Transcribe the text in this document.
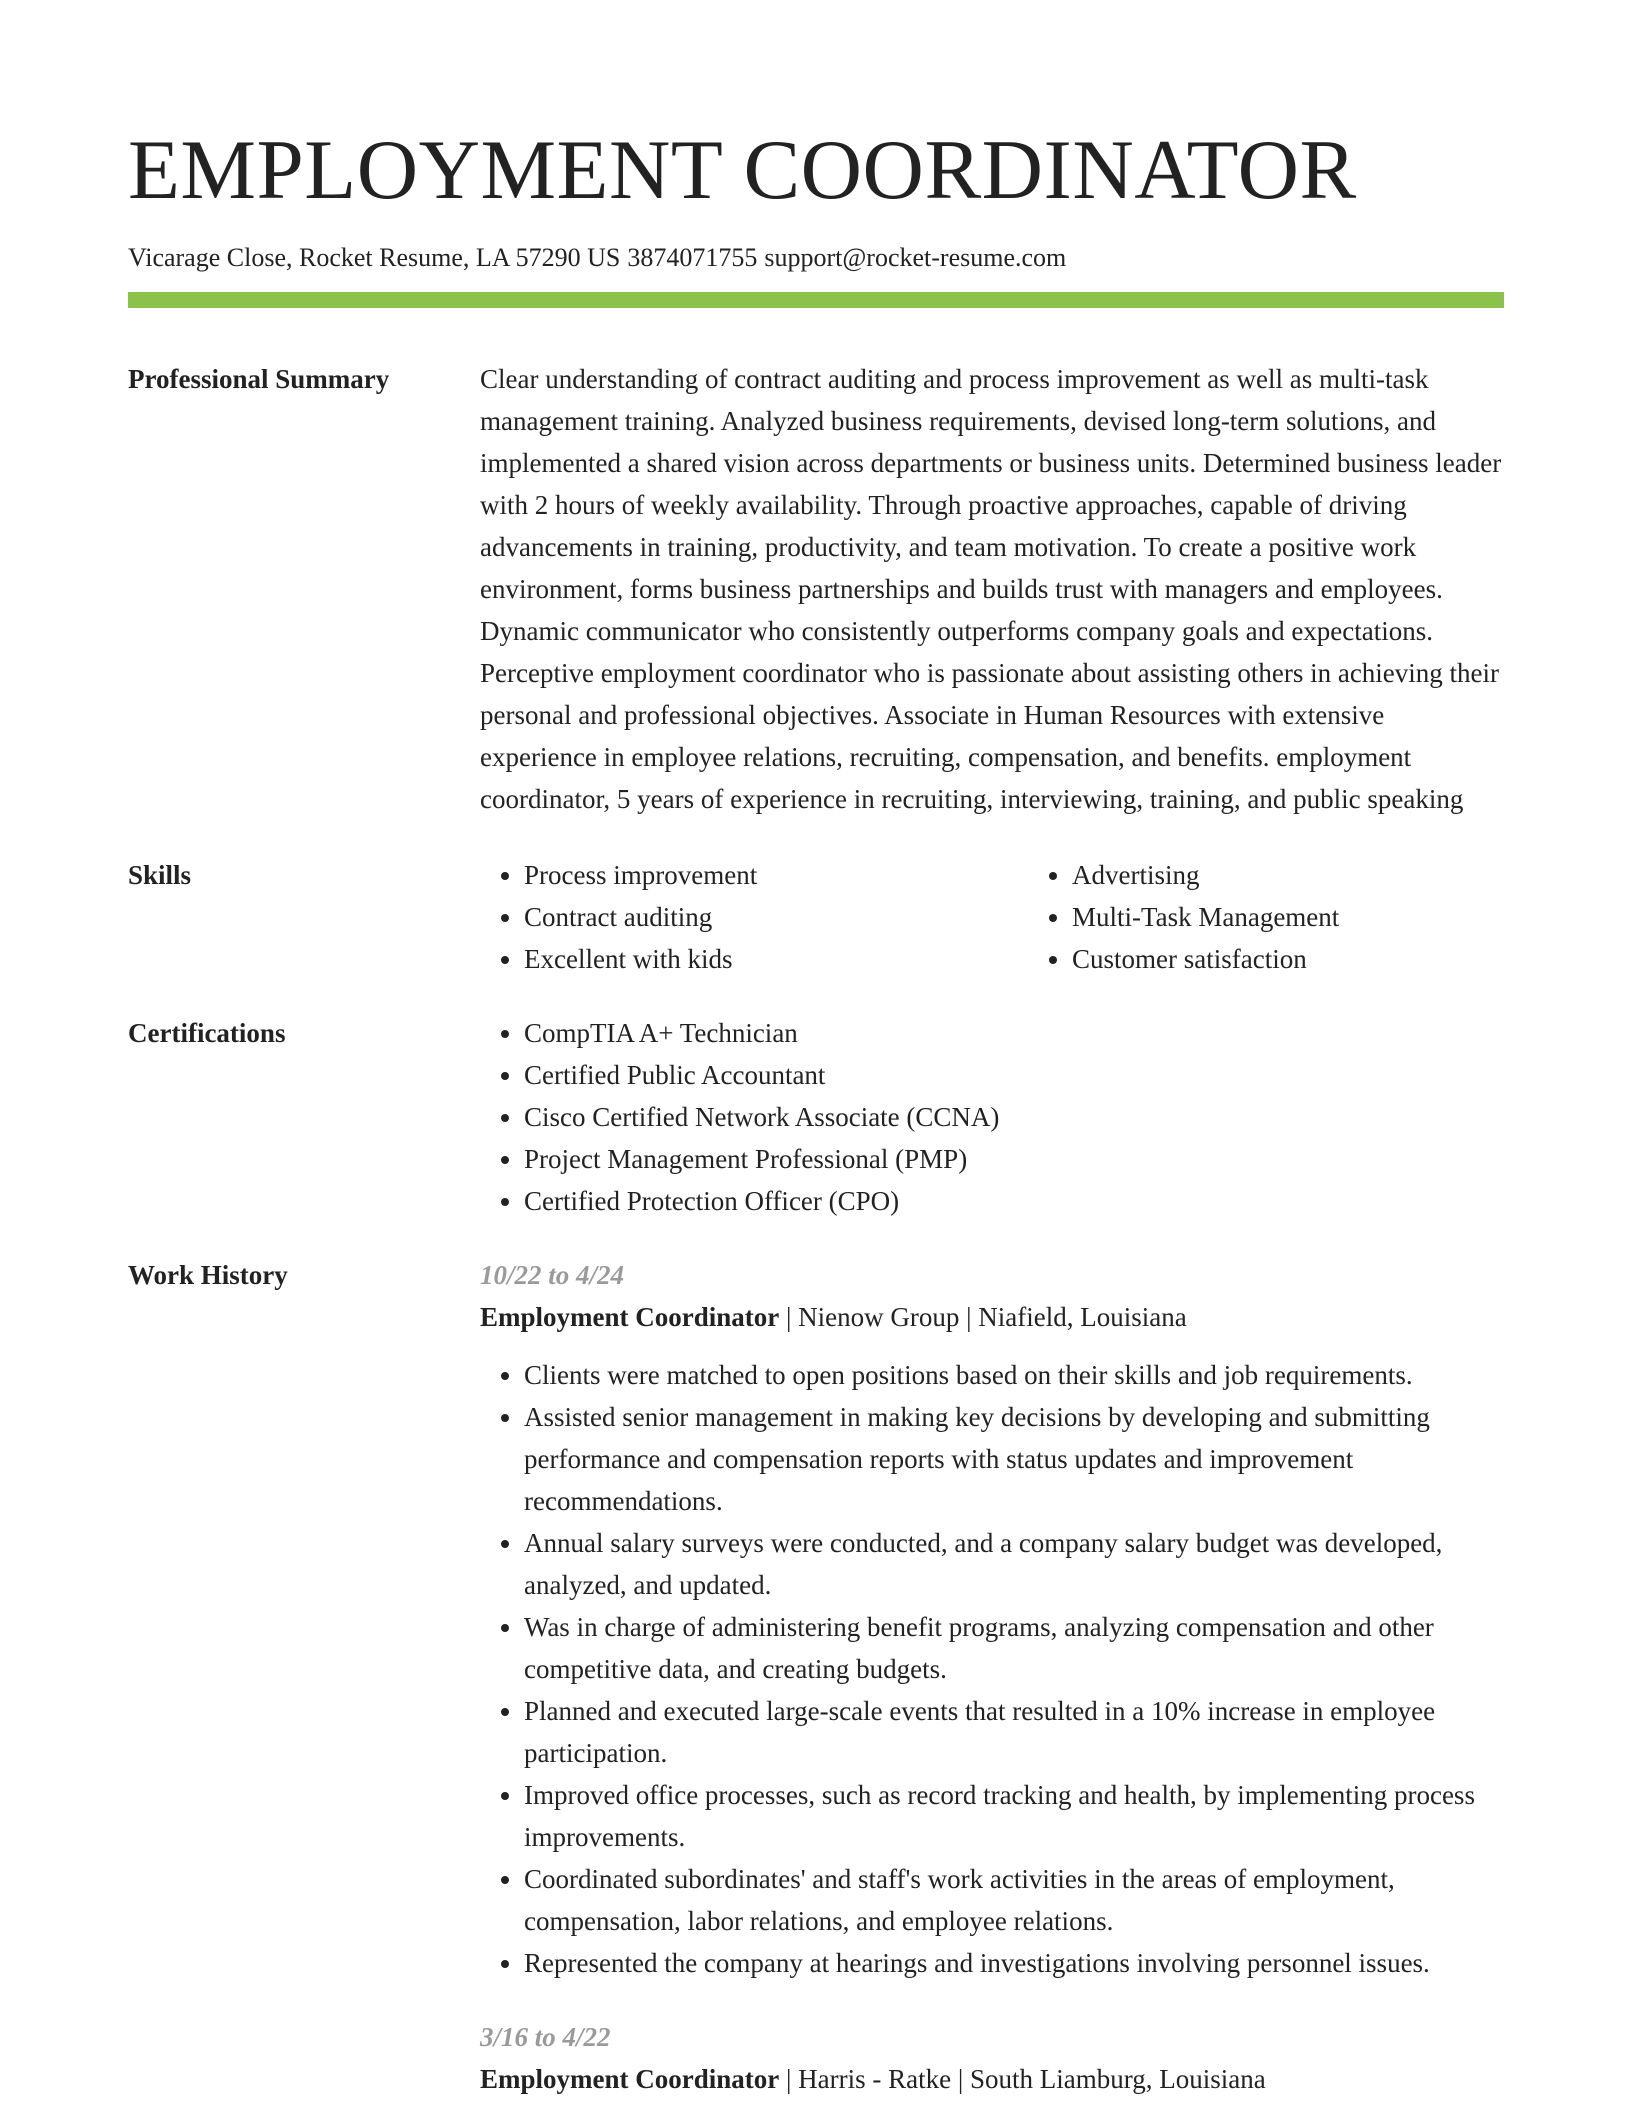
EMPLOYMENT COORDINATOR
Vicarage Close, Rocket Resume, LA 57290 US 3874071755 support@rocket-resume.com
Professional Summary	Clear understanding of contract auditing and process improvement as well as multi-task management training. Analyzed business requirements, devised long-term solutions, and implemented a shared vision across departments or business units. Determined business leader with 2 hours of weekly availability. Through proactive approaches, capable of driving advancements in training, productivity, and team motivation. To create a positive work environment, forms business partnerships and builds trust with managers and employees. Dynamic communicator who consistently outperforms company goals and expectations. Perceptive employment coordinator who is passionate about assisting others in achieving their personal and professional objectives. Associate in Human Resources with extensive experience in employee relations, recruiting, compensation, and benefits. employment coordinator, 5 years of experience in recruiting, interviewing, training, and public speaking

Skills	• Process improvement
• Contract auditing
• Excellent with kids
• Advertising
• Multi-Task Management
• Customer satisfaction
Certifications	• CompTIA A+ Technician
• Certified Public Accountant
• Cisco Certified Network Associate (CCNA)
• Project Management Professional (PMP)
• Certified Protection Officer (CPO)
Work History	10/22 to 4/24
Employment Coordinator | Nienow Group | Niafield, Louisiana
• Clients were matched to open positions based on their skills and job requirements.
• Assisted senior management in making key decisions by developing and submitting performance and compensation reports with status updates and improvement recommendations.
• Annual salary surveys were conducted, and a company salary budget was developed, analyzed, and updated.
• Was in charge of administering benefit programs, analyzing compensation and other competitive data, and creating budgets.
• Planned and executed large-scale events that resulted in a 10% increase in employee participation.
• Improved office processes, such as record tracking and health, by implementing process improvements.
• Coordinated subordinates' and staff's work activities in the areas of employment, compensation, labor relations, and employee relations.
• Represented the company at hearings and investigations involving personnel issues.
3/16 to 4/22
Employment Coordinator | Harris - Ratke | South Liamburg, Louisiana
